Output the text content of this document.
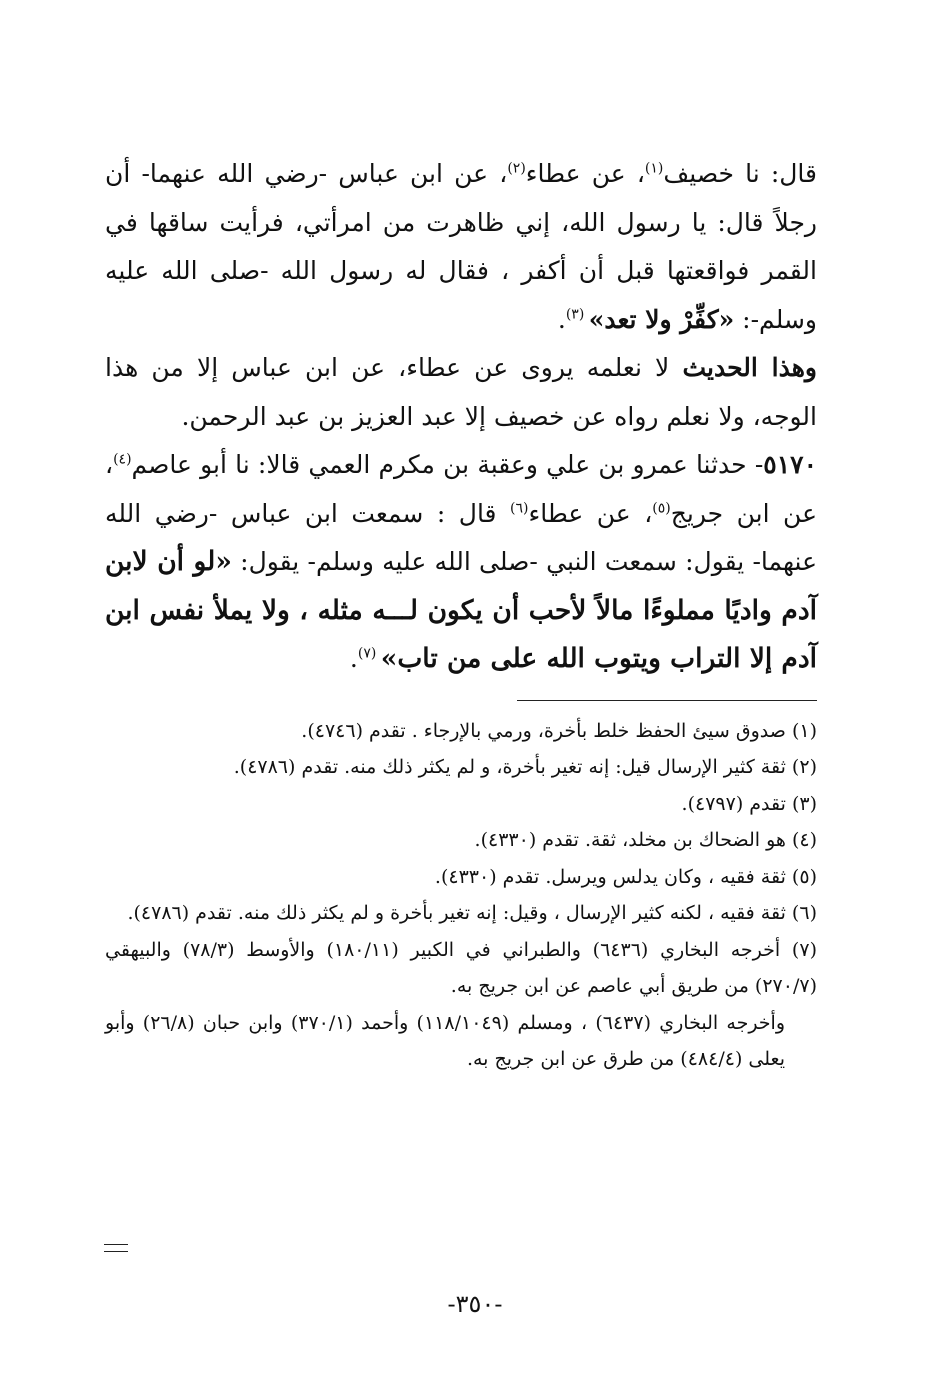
قال: نا خصيف$^{(١)}$، عن عطاء$^{(٢)}$، عن ابن عباس -رضي الله عنهما- أن رجلاً قال: يا رسول الله، إني ظاهرت من امرأتي، فرأيت ساقها في القمر فواقعتها قبل أن أكفر ، فقال له رسول الله -صلى الله عليه وسلم-: «كفِّرْ ولا تعد» $^{(٣)}$.

وهذا الحديث لا نعلمه يروى عن عطاء، عن ابن عباس إلا من هذا الوجه، ولا نعلم رواه عن خصيف إلا عبد العزيز بن عبد الرحمن.

٥١٧٠- حدثنا عمرو بن علي وعقبة بن مكرم العمي قالا: نا أبو عاصم$^{(٤)}$، عن ابن جريج$^{(٥)}$، عن عطاء$^{(٦)}$ قال : سمعت ابن عباس -رضي الله عنهما- يقول: سمعت النبي -صلى الله عليه وسلم- يقول: «لو أن لابن آدم واديًا مملوءًا مالاً لأحب أن يكون لـــه مثله ، ولا يملأ نفس ابن آدم إلا التراب ويتوب الله على من تاب» $^{(٧)}$.

(١) صدوق سيئ الحفظ خلط بأخرة، ورمي بالإرجاء . تقدم (٤٧٤٦).

(٢) ثقة كثير الإرسال قيل: إنه تغير بأخرة، و لم يكثر ذلك منه. تقدم (٤٧٨٦).

(٣) تقدم (٤٧٩٧).

(٤) هو الضحاك بن مخلد، ثقة. تقدم (٤٣٣٠).

(٥) ثقة فقيه ، وكان يدلس ويرسل. تقدم (٤٣٣٠).

(٦) ثقة فقيه ، لكنه كثير الإرسال ، وقيل: إنه تغير بأخرة و لم يكثر ذلك منه. تقدم (٤٧٨٦).

(٧) أخرجه البخاري (٦٤٣٦) والطبراني في الكبير (١٨٠/١١) والأوسط (٧٨/٣) والبيهقي (٢٧٠/٧) من طريق أبي عاصم عن ابن جريج به.

وأخرجه البخاري (٦٤٣٧) ، ومسلم (١١٨/١٠٤٩) وأحمد (٣٧٠/١) وابن حبان (٢٦/٨) وأبو يعلى (٤٨٤/٤) من طرق عن ابن جريج به.

-٣٥٠-
